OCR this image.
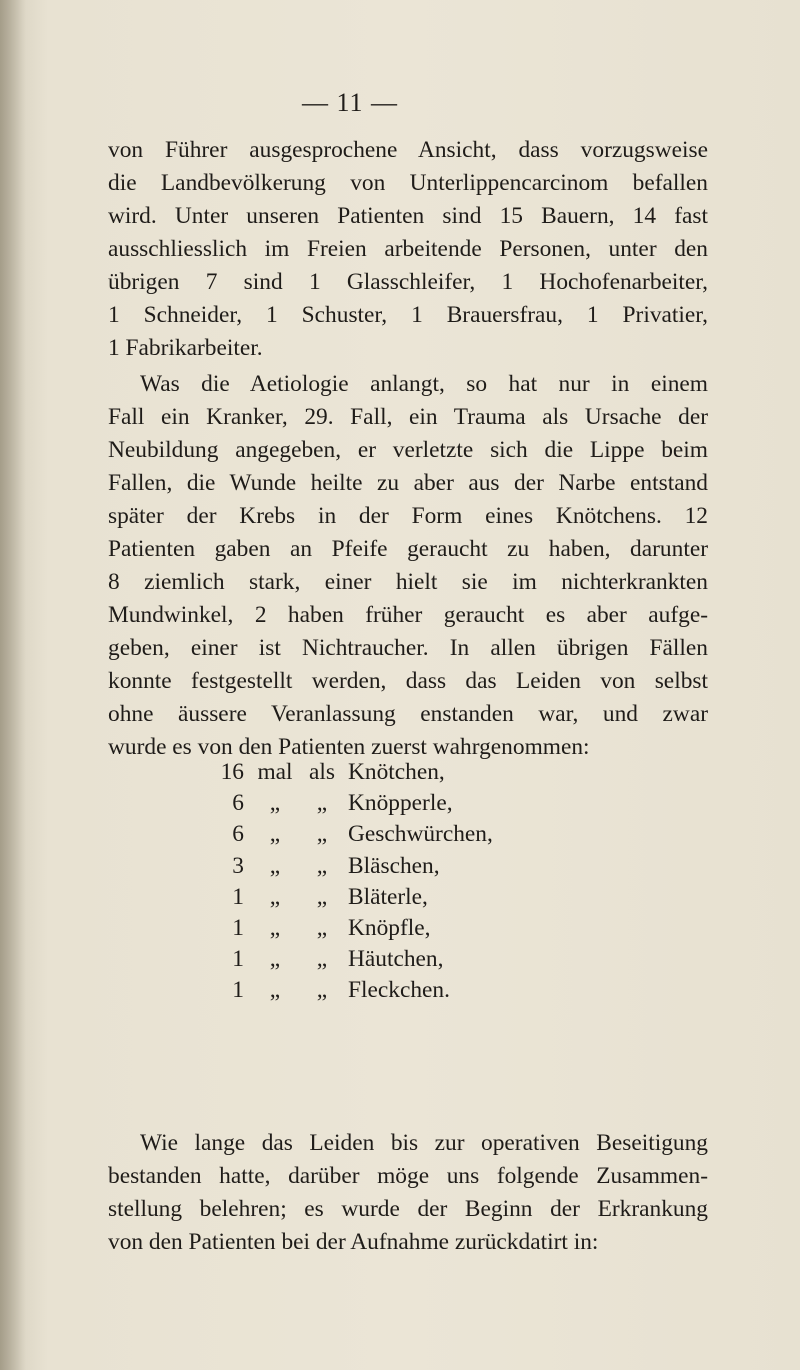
— 11 —
von Führer ausgesprochene Ansicht, dass vorzugsweise
die Landbevölkerung von Unterlippencarcinom befallen
wird. Unter unseren Patienten sind 15 Bauern, 14 fast
ausschliesslich im Freien arbeitende Personen, unter den
übrigen 7 sind 1 Glasschleifer, 1 Hochofenarbeiter,
1 Schneider, 1 Schuster, 1 Brauersfrau, 1 Privatier,
1 Fabrikarbeiter.
Was die Aetiologie anlangt, so hat nur in einem
Fall ein Kranker, 29. Fall, ein Trauma als Ursache der
Neubildung angegeben, er verletzte sich die Lippe beim
Fallen, die Wunde heilte zu aber aus der Narbe entstand
später der Krebs in der Form eines Knötchens. 12
Patienten gaben an Pfeife geraucht zu haben, darunter
8 ziemlich stark, einer hielt sie im nichterkrankten
Mundwinkel, 2 haben früher geraucht es aber aufge-
geben, einer ist Nichtraucher. In allen übrigen Fällen
konnte festgestellt werden, dass das Leiden von selbst
ohne äussere Veranlassung enstanden war, und zwar
wurde es von den Patienten zuerst wahrgenommen:
16 mal als Knötchen,
6	„	„ Knöpperle,
6	„	„ Geschwürchen,
3	„	„ Bläschen,
1	„	„ Bläterle,
1	„	„ Knöpfle,
1	„	„ Häutchen,
1	„	„ Fleckchen.
Wie lange das Leiden bis zur operativen Beseitigung
bestanden hatte, darüber möge uns folgende Zusammen-
stellung belehren; es wurde der Beginn der Erkrankung
von den Patienten bei der Aufnahme zurückdatirt in:
